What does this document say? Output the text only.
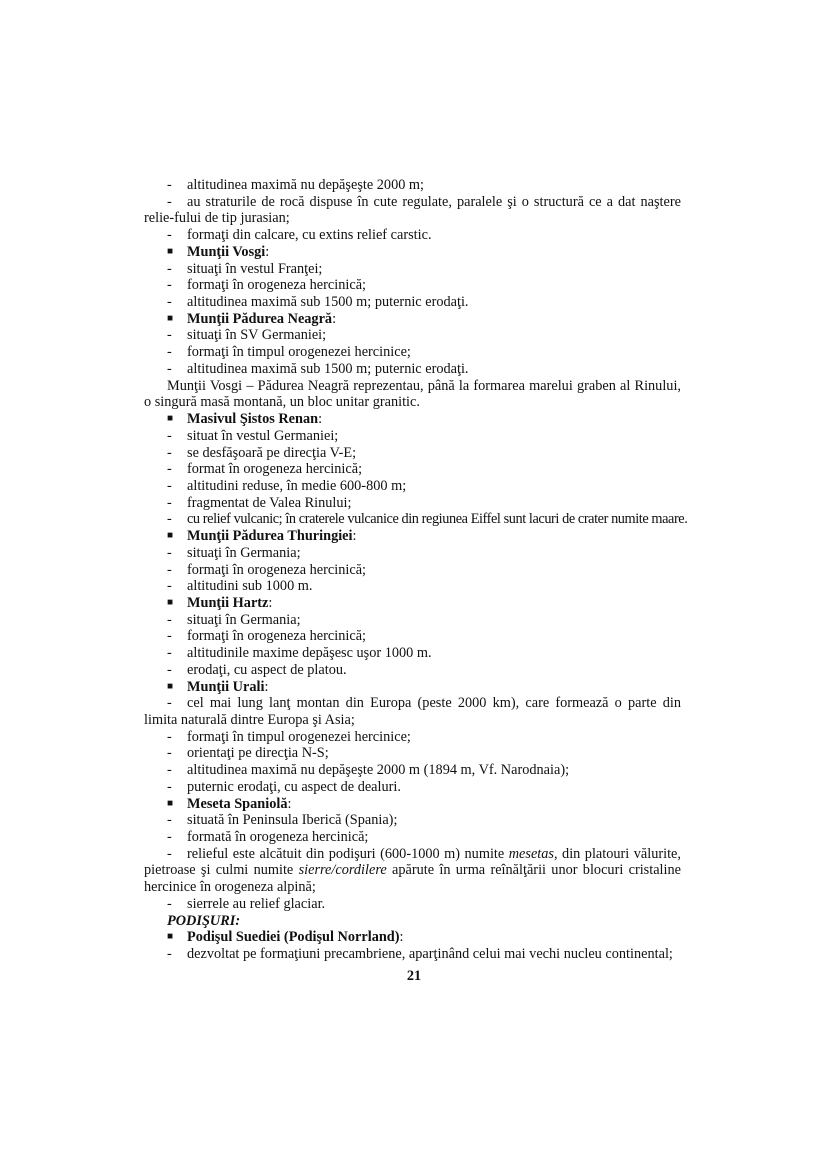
- altitudinea maximă nu depăşeşte 2000 m;
- au straturile de rocă dispuse în cute regulate, paralele şi o structură ce a dat naştere relie-fului de tip jurasian;
- formaţi din calcare, cu extins relief carstic.
■ Munţii Vosgi:
- situaţi în vestul Franţei;
- formaţi în orogeneza hercinică;
- altitudinea maximă sub 1500 m; puternic erodaţi.
■ Munţii Pădurea Neagră:
- situaţi în SV Germaniei;
- formaţi în timpul orogenezei hercinice;
- altitudinea maximă sub 1500 m; puternic erodaţi.
Munţii Vosgi – Pădurea Neagră reprezentau, până la formarea marelui graben al Rinului, o singură masă montană, un bloc unitar granitic.
■ Masivul Şistos Renan:
- situat în vestul Germaniei;
- se desfăşoară pe direcţia V-E;
- format în orogeneza hercinică;
- altitudini reduse, în medie 600-800 m;
- fragmentat de Valea Rinului;
- cu relief vulcanic; în craterele vulcanice din regiunea Eiffel sunt lacuri de crater numite maare.
■ Munţii Pădurea Thuringiei:
- situaţi în Germania;
- formaţi în orogeneza hercinică;
- altitudini sub 1000 m.
■ Munţii Hartz:
- situaţi în Germania;
- formaţi în orogeneza hercinică;
- altitudinile maxime depăşesc uşor 1000 m.
- erodaţi, cu aspect de platou.
■ Munţii Urali:
- cel mai lung lanţ montan din Europa (peste 2000 km), care formează o parte din limita naturală dintre Europa şi Asia;
- formaţi în timpul orogenezei hercinice;
- orientaţi pe direcţia N-S;
- altitudinea maximă nu depăşeşte 2000 m (1894 m, Vf. Narodnaia);
- puternic erodaţi, cu aspect de dealuri.
■ Meseta Spaniolă:
- situată în Peninsula Iberică (Spania);
- formată în orogeneza hercinică;
- relieful este alcătuit din podişuri (600-1000 m) numite mesetas, din platouri vălurite, pietroase şi culmi numite sierre/cordilere apărute în urma reînălţării unor blocuri cristaline hercinice în orogeneza alpină;
- sierrele au relief glaciar.
PODIŞURI:
■ Podişul Suediei (Podişul Norrland):
- dezvoltat pe formaţiuni precambriene, aparţinând celui mai vechi nucleu continental;
21
